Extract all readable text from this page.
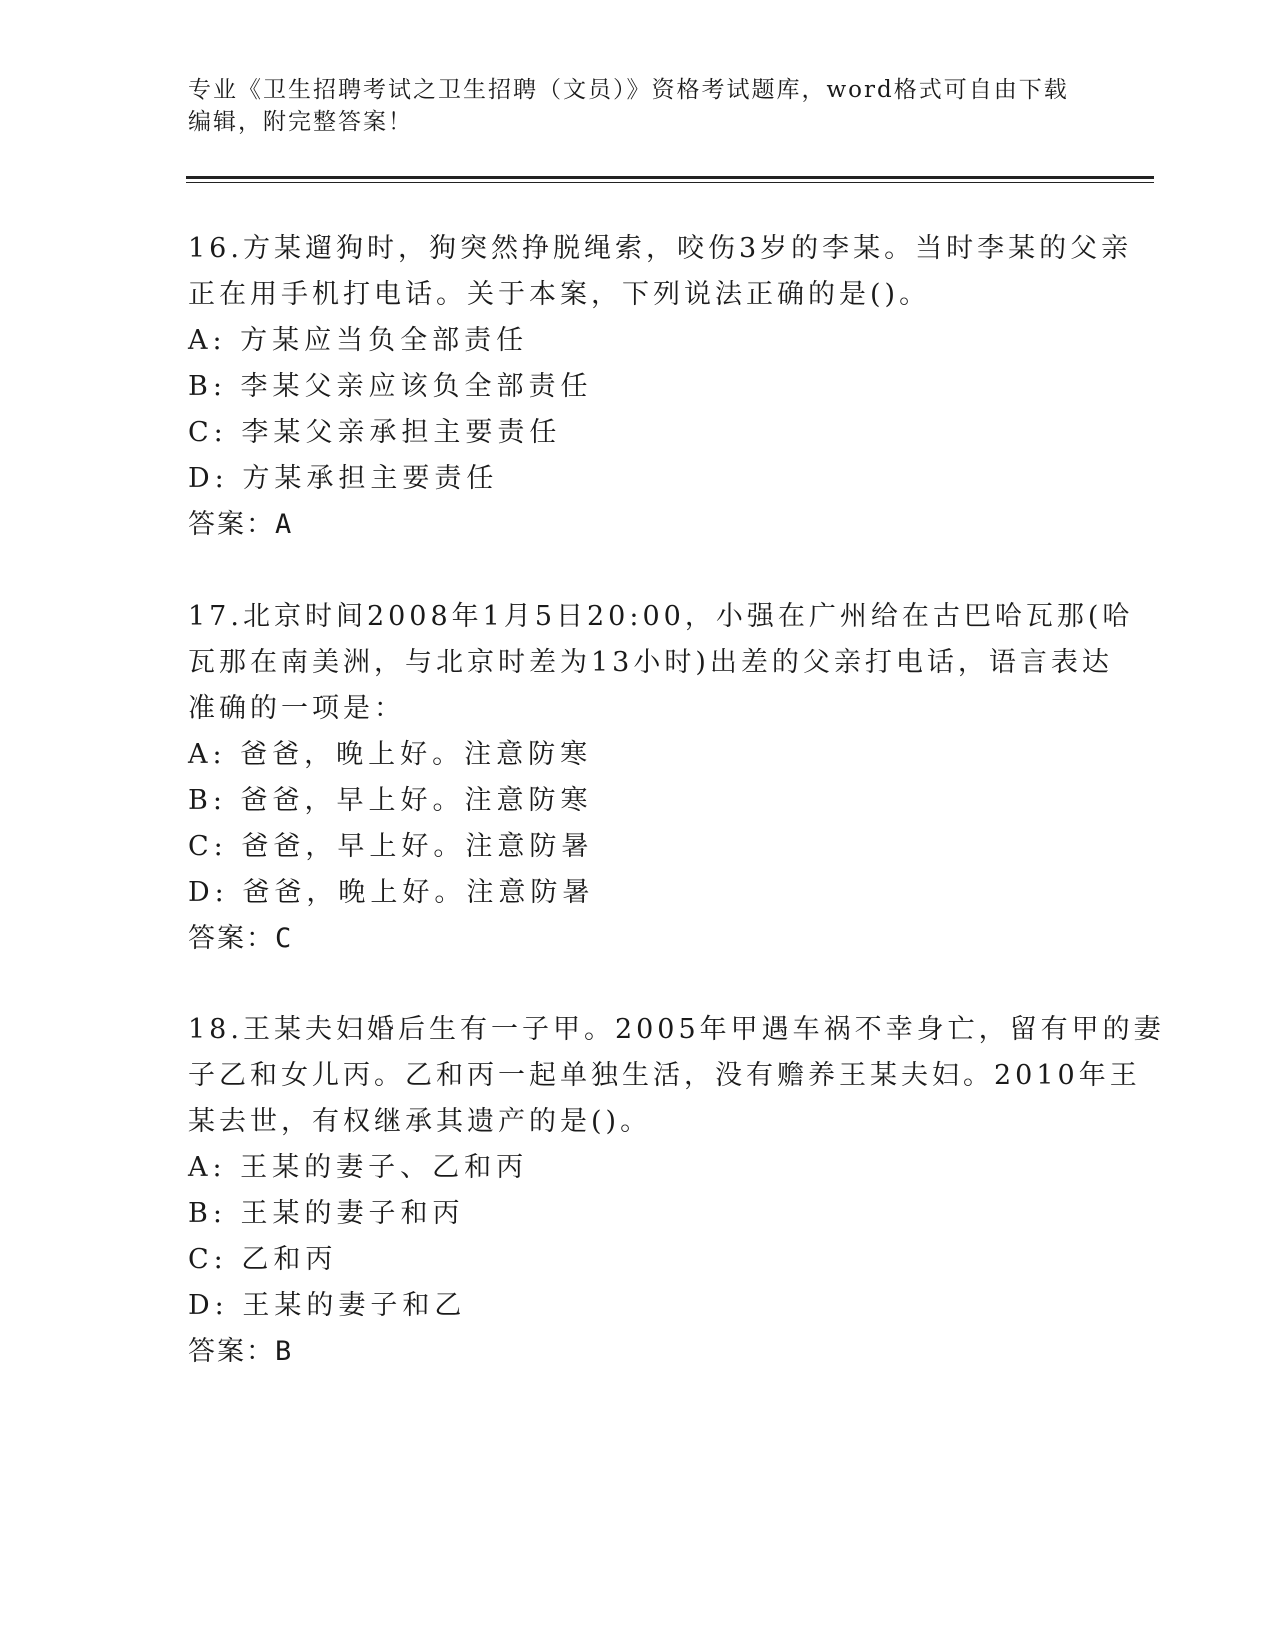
专业《卫生招聘考试之卫生招聘（文员）》资格考试题库，word格式可自由下载
编辑，附完整答案！
16.方某遛狗时，狗突然挣脱绳索，咬伤3岁的李某。当时李某的父亲
正在用手机打电话。关于本案，下列说法正确的是()。
A: 方某应当负全部责任
B: 李某父亲应该负全部责任
C: 李某父亲承担主要责任
D: 方某承担主要责任
答案：A
17.北京时间2008年1月5日20:00，小强在广州给在古巴哈瓦那(哈
瓦那在南美洲，与北京时差为13小时)出差的父亲打电话，语言表达
准确的一项是：
A: 爸爸，晚上好。注意防寒
B: 爸爸，早上好。注意防寒
C: 爸爸，早上好。注意防暑
D: 爸爸，晚上好。注意防暑
答案：C
18.王某夫妇婚后生有一子甲。2005年甲遇车祸不幸身亡，留有甲的妻
子乙和女儿丙。乙和丙一起单独生活，没有赡养王某夫妇。2010年王
某去世，有权继承其遗产的是()。
A: 王某的妻子、乙和丙
B: 王某的妻子和丙
C: 乙和丙
D: 王某的妻子和乙
答案：B
